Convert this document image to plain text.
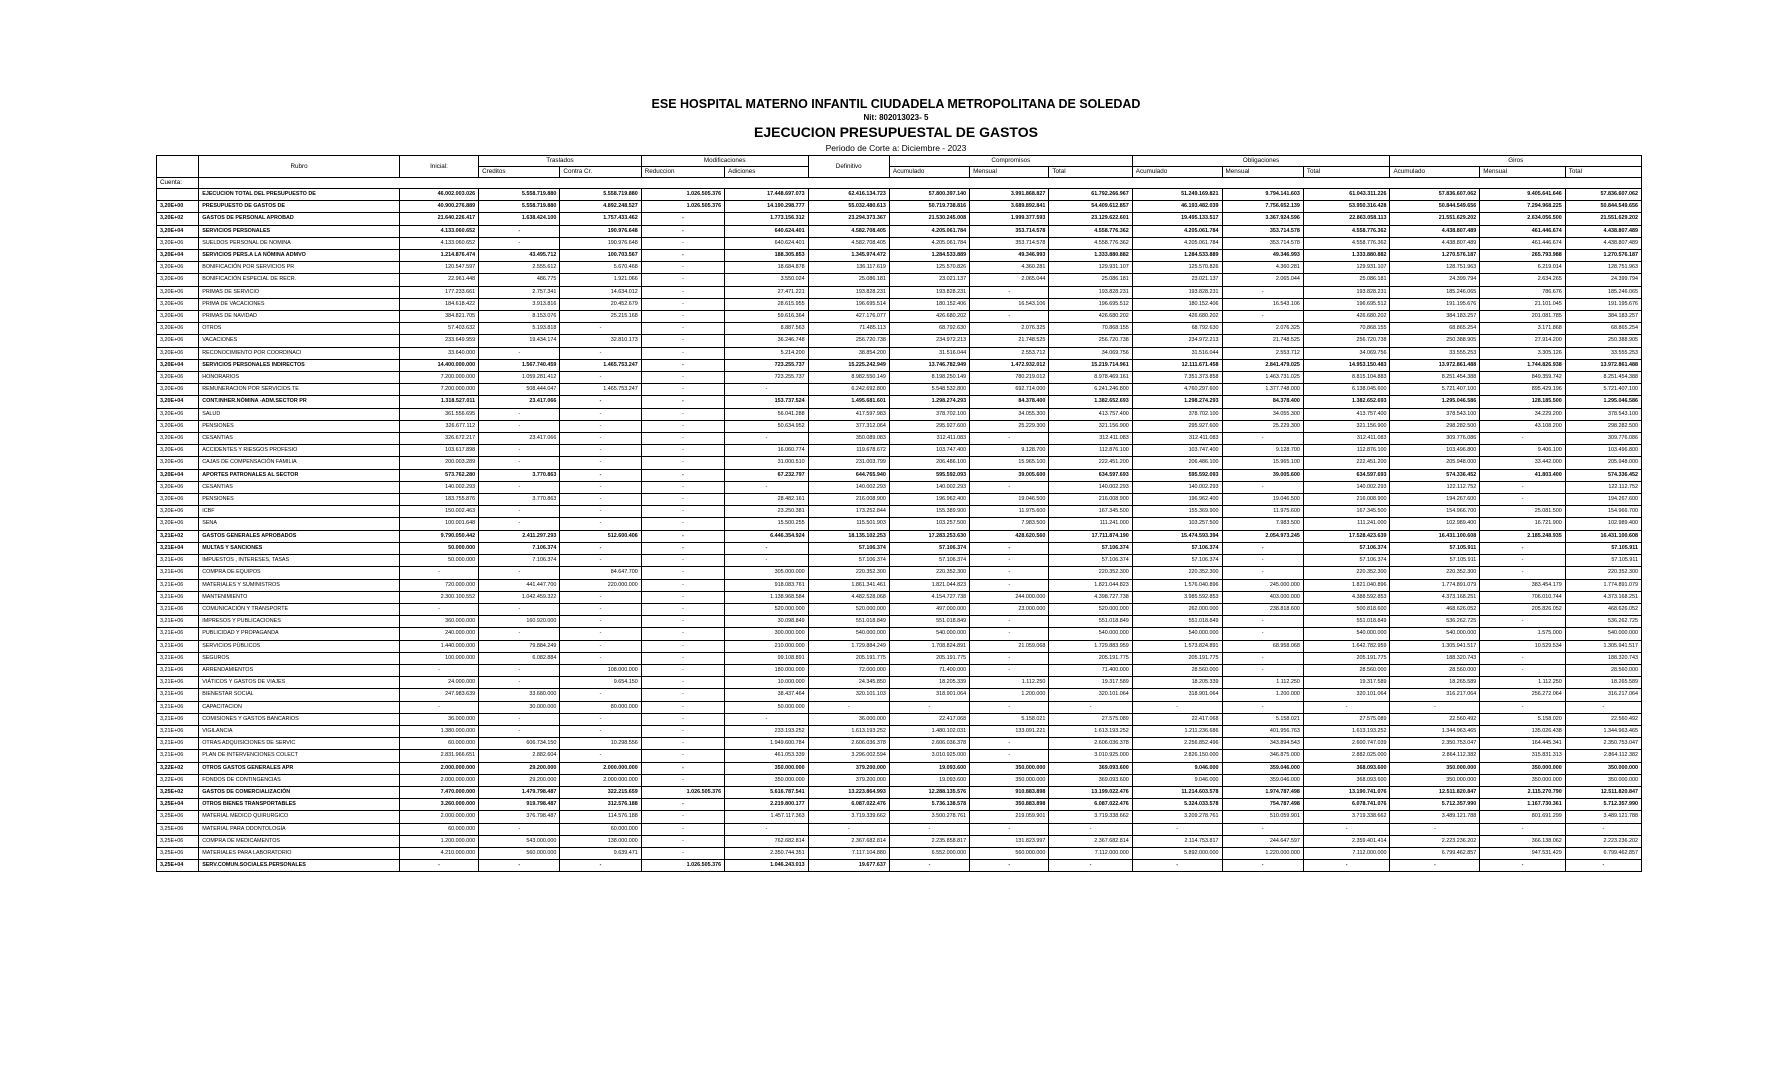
ESE HOSPITAL MATERNO INFANTIL CIUDADELA METROPOLITANA DE SOLEDAD
Nit: 802013023- 5
EJECUCION PRESUPUESTAL DE GASTOS
Periodo de Corte a: Diciembre - 2023
	Rubro	Inicial:	Traslados		Modificaciones		Definitivo	Compromisos			Obligaciones			Giros		
			Creditos	Contra Cr.	Reduccion	Adiciones		Acumulado	Mensual	Total	Acumulado	Mensual	Total	Acumulado	Mensual	Total
Cuenta:																
	EJECUCION TOTAL DEL PRESUPUESTO DE	46.002.003.026	5.558.719.880	5.558.719.880	1.026.505.376	17.448.697.073	62.416.134.723	57.800.397.140	3.991.868.827	61.792.266.967	51.249.169.821	9.794.141.603	61.043.311.226	57.836.607.062	9.405.641.646	57.836.607.062
3,20E+00	PRESUPUESTO DE GASTOS DE	40.900.276.889	5.558.719.880	4.892.248.527	1.026.505.376	14.190.298.777	55.032.480.613	50.719.738.816	3.689.892.841	54.409.612.857	46.193.482.039	7.756.652.139	53.950.316.428	50.844.549.656	7.294.968.225	50.844.549.656
3,20E+02	GASTOS DE PERSONAL APROBAD	21.640.226.417	1.638.424.100	1.757.433.462	-	1.773.156.312	23.294.373.367	21.530.245.008	1.999.377.593	23.129.622.601	19.495.133.517	3.367.924.596	22.863.058.113	21.551.629.202	2.634.056.500	21.551.629.202
3,20E+04	SERVICIOS PERSONALES	4.133.060.652	-	190.976.648	-	640.624.401	4.582.708.405	4.205.061.784	353.714.578	4.558.776.362	4.205.061.784	353.714.578	4.558.776.362	4.438.807.489	461.446.674	4.438.807.489
3,20E+06	SUELDOS PERSONAL DE NOMINA	4.133.060.652	-	190.976.648	-	640.624.401	4.582.708.405	4.205.061.784	353.714.578	4.558.776.362	4.205.061.784	353.714.578	4.558.776.362	4.438.807.489	461.446.674	4.438.807.489
3,20E+04	SERVICIOS PERS.A LA NÓMINA ADMVO	1.214.876.474	43.495.712	100.703.567	-	188.305.853	1.345.974.472	1.284.533.889	49.346.993	1.333.880.882	1.284.533.889	49.346.993	1.333.880.882	1.270.576.187	265.793.988	1.270.576.187
3,20E+06	BONIFICACIÓN POR SERVICIOS PR	120.547.597	2.555.612	5.670.468	-	18.684.878	136.117.619	125.570.826	4.360.281	129.931.107	125.570.826	4.360.281	129.931.107	128.751.963	6.219.014	128.751.963
3,20E+06	BONIFICACIÓN ESPECIAL DE RECR.	22.961.448	486.775	1.921.066	-	3.550.024	25.086.181	23.021.137	2.065.044	25.086.181	23.021.137	2.065.044	25.086.181	24.399.794	2.634.265	24.399.794
3,20E+06	PRIMAS DE SERVICIO	177.233.661	2.757.341	14.634.012	-	27.471.221	193.828.231	193.828.231	-	193.828.231	193.828.231	-	193.828.231	185.246.065	786.676	185.246.065
3,20E+06	PRIMA DE VACACIONES	184.618.422	3.913.816	20.452.679	-	28.615.955	196.695.514	180.152.406	16.543.106	196.695.512	180.152.406	16.543.106	196.695.512	191.195.676	21.101.045	191.195.676
3,20E+06	PRIMAS DE NAVIDAD	384.821.705	8.153.076	25.215.168	-	59.616.364	427.176.077	426.680.202	-	426.680.202	426.680.202	-	426.680.202	384.183.257	201.081.785	384.183.257
3,20E+06	OTROS	57.403.632	5.193.818	-	-	8.887.563	71.485.113	68.792.630	2.076.325	70.868.155	68.792.630	2.076.325	70.868.155	68.865.254	3.171.868	68.865.254
3,20E+06	VACACIONES	233.649.959	19.434.174	32.810.173	-	36.246.748	256.720.738	234.972.213	21.748.525	256.720.738	234.972.213	21.748.525	256.720.738	250.388.905	27.914.200	250.388.905
3,20E+06	RECONOCIMIENTO POR COORDINACI	33.640.000	-	-	-	5.214.200	38.854.200	31.516.044	2.553.712	34.069.756	31.516.044	2.553.712	34.069.756	33.555.253	3.305.126	33.555.253
3,20E+04	SERVICIOS PERSONALES INDIRECTOS	14.400.000.000	1.567.740.459	1.465.753.247	-	723.255.737	15.225.242.949	13.746.782.949	1.472.932.012	15.219.714.961	12.111.671.458	2.841.479.025	14.953.150.483	13.972.861.488	1.744.826.938	13.972.861.488
3,20E+06	HONORARIOS	7.200.000.000	1.059.281.412	-	-	723.255.737	8.982.550.149	8.198.250.149	780.219.012	8.978.469.161	7.351.373.858	1.463.731.025	8.815.104.883	8.251.454.388	849.359.742	8.251.454.388
3,20E+06	REMUNERACION POR SERVICIOS TE	7.200.000.000	508.444.047	1.465.753.247	-	-	6.242.692.800	5.548.532.800	692.714.000	6.241.246.800	4.760.297.600	1.377.748.000	6.138.045.600	5.721.407.100	895.429.196	5.721.407.100
3,20E+04	CONT.INHER.NÓMINA -ADM.SECTOR PR	1.318.527.011	23.417.066	-	-	153.737.524	1.495.681.601	1.298.274.293	84.378.400	1.382.652.693	1.298.274.293	84.378.400	1.382.652.693	1.295.046.586	128.185.500	1.295.046.586
3,20E+06	SALUD	361.556.695	-	-	-	56.041.288	417.597.983	378.702.100	34.055.300	413.757.400	378.702.100	34.055.300	413.757.400	378.543.100	34.229.200	378.543.100
3,20E+06	PENSIONES	326.677.112	-	-	-	50.634.952	377.312.064	295.927.600	25.229.300	321.156.900	295.927.600	25.229.300	321.156.900	298.282.500	43.108.200	298.282.500
3,20E+06	CESANTIAS	326.672.217	23.417.066	-	-	-	350.089.083	312.411.083	-	312.411.083	312.411.083	-	312.411.083	309.776.086	-	309.776.086
3,20E+06	ACCIDENTES Y RIESGOS PROFESIO	103.617.898	-	-	-	16.060.774	119.678.672	103.747.400	9.128.700	112.876.100	103.747.400	9.128.700	112.876.100	103.496.800	9.406.100	103.496.800
3,20E+06	CAJAS DE COMPENSACIÓN FAMILIA	200.003.289	-	-	-	31.000.510	231.003.799	206.486.100	15.965.100	222.451.200	206.486.100	15.965.100	222.451.200	205.948.000	33.442.000	205.948.000
3,20E+04	APORTES PATRONALES AL SECTOR	573.762.280	3.770.863	-	-	67.232.797	644.765.940	595.592.093	39.005.600	634.597.693	595.592.093	39.005.600	634.597.693	574.336.452	41.803.400	574.336.452
3,20E+06	CESANTIAS	140.002.293	-	-	-	-	140.002.293	140.002.293	-	140.002.293	140.002.293	-	140.002.293	122.112.752	-	122.112.752
3,20E+06	PENSIONES	183.755.876	3.770.863	-	-	28.482.161	216.008.900	196.962.400	19.046.500	216.008.900	196.962.400	19.046.500	216.008.900	194.267.600	-	194.267.600
3,20E+06	ICBF	150.002.463	-	-	-	23.250.381	173.252.844	155.389.900	11.975.600	167.345.500	155.369.900	11.975.600	167.345.500	154.966.700	25.081.500	154.966.700
3,20E+06	SENA	100.001.648	-	-	-	15.500.255	115.501.903	103.257.500	7.983.500	111.241.000	103.257.500	7.983.500	111.241.000	102.989.400	16.721.900	102.989.400
3,21E+02	GASTOS GENERALES APROBADOS	9.790.050.442	2.411.297.293	512.600.406	-	6.446.354.924	18.135.102.253	17.283.253.630	428.620.560	17.711.874.190	15.474.593.394	2.054.973.245	17.528.423.639	16.431.100.608	2.185.248.935	16.431.100.608
3,21E+04	MULTAS Y SANCIONES	50.000.000	7.106.374	-	-	-	57.106.374	57.106.374	-	57.106.374	57.106.374	-	57.106.374	57.105.911	-	57.105.911
3,21E+06	IMPUESTOS , INTERESES, TASAS	50.000.000	7.106.374	-	-	-	57.106.374	57.106.374	-	57.106.374	57.106.374	-	57.106.374	57.105.911	-	57.105.911
3,21E+06	COMPRA DE EQUIPOS	-	-	84.647.700	-	305.000.000	220.352.300	220.352.300	-	220.352.300	220.352.300	-	220.352.300	220.352.300	-	220.352.300
3,21E+06	MATERIALES Y SUMINISTROS	720.000.000	441.447.700	220.000.000	-	918.083.761	1.861.341.461	1.821.044.823	-	1.821.044.823	1.576.040.896	245.000.000	1.821.040.896	1.774.891.079	383.454.179	1.774.891.079
3,21E+06	MANTENIMIENTO	2.300.100.552	1.042.459.322	-	-	1.138.968.584	4.482.528.068	4.154.727.738	244.000.000	4.398.727.738	3.985.592.853	403.000.000	4.388.592.853	4.373.168.251	706.010.744	4.373.168.251
3,21E+06	COMUNICACIÓN Y TRANSPORTE	-	-	-	-	520.000.000	520.000.000	497.000.000	23.000.000	520.000.000	262.000.000	238.818.600	500.818.600	468.626.052	205.826.052	468.626.052
3,21E+06	IMPRESOS Y PUBLICACIONES	360.000.000	160.920.000	-	-	30.098.849	551.018.849	551.018.849	-	551.018.849	551.018.849	-	551.018.849	536.262.725	-	536.262.725
3,21E+06	PUBLICIDAD Y PROPAGANDA	240.000.000	-	-	-	300.000.000	540.000.000	540.000.000	-	540.000.000	540.000.000	-	540.000.000	540.000.000	1.575.000	540.000.000
3,21E+06	SERVICIOS PÚBLICOS	1.440.000.000	79.884.249	-	-	210.000.000	1.729.884.249	1.708.824.891	21.059.068	1.729.883.959	1.573.824.891	68.958.068	1.642.782.959	1.305.941.517	10.529.534	1.305.941.517
3,21E+06	SEGUROS	100.000.000	6.082.884	-	-	99.108.891	205.191.775	205.191.775	-	205.191.775	205.191.775	-	205.191.775	188.320.743	-	188.320.743
3,21E+06	ARRENDAMIENTOS	-	-	108.000.000	-	180.000.000	72.000.000	71.400.000	-	71.400.000	28.560.000	-	28.560.000	28.560.000	-	28.560.000
3,21E+06	VIÁTICOS Y GASTOS DE VIAJES	24.000.000	-	9.654.150	-	10.000.000	24.345.850	18.205.339	1.112.250	19.317.589	18.205.339	1.112.250	19.317.589	18.265.589	1.112.250	18.265.589
3,21E+06	BIENESTAR SOCIAL	247.983.639	33.680.000	-	-	38.437.464	320.101.103	318.901.064	1.200.000	320.101.064	318.901.064	1.200.000	320.101.064	316.217.064	256.272.064	316.217.064
3,21E+06	CAPACITACION	-	30.000.000	80.000.000	-	50.000.000	-	-	-	-	-	-	-	-	-	-
3,21E+06	COMISIONES Y GASTOS BANCARIOS	36.000.000	-	-	-	-	36.000.000	22.417.068	5.158.021	27.575.089	22.417.068	5.158.021	27.575.089	22.560.492	5.158.020	22.560.492
3,21E+06	VIGILANCIA	1.380.000.000	-	-	-	233.193.252	1.613.193.252	1.480.102.031	133.091.221	1.613.193.252	1.211.236.686	401.956.763	1.613.193.252	1.344.963.465	135.026.438	1.344.963.465
3,21E+06	OTRAS ADQUISICIONES DE SERVIC	60.000.000	606.734.150	10.298.556	-	1.949.600.784	2.606.036.378	2.606.036.378	-	2.606.036.378	2.256.852.496	343.894.543	2.600.747.039	2.350.753.047	164.445.341	2.350.753.047
3,21E+06	PLAN DE INTERVENCIONES COLECT	2.831.966.651	2.882.604	-	-	461.053.339	3.296.002.594	3.010.925.000	-	3.010.925.000	2.826.150.000	346.875.000	2.882.025.000	2.864.112.382	315.831.313	2.864.112.382
3,22E+02	OTROS GASTOS GENERALES APR	2.000.000.000	29.200.000	2.000.000.000	-	350.000.000	379.200.000	19.093.600	350.000.000	369.093.600	9.046.000	359.046.000	368.093.600	350.000.000	350.000.000	350.000.000
3,22E+06	FONDOS DE CONTINGENCIAS	2.000.000.000	29.200.000	2.000.000.000	-	350.000.000	379.200.000	19.093.600	350.000.000	369.093.600	9.046.000	359.046.000	368.093.600	350.000.000	350.000.000	350.000.000
3,25E+02	GASTOS DE COMERCIALIZACIÓN	7.470.000.000	1.479.798.487	322.215.659	1.026.505.376	5.616.787.541	13.223.864.993	12.288.135.576	910.883.898	13.199.022.476	11.214.603.578	1.974.787.498	13.190.741.076	12.511.820.847	2.115.270.790	12.511.820.847
3,25E+04	OTROS BIENES TRANSPORTABLES	3.260.000.000	919.798.487	312.576.188	-	2.219.800.177	6.087.022.476	5.736.138.578	350.883.898	6.087.022.476	5.324.033.578	754.787.498	6.078.741.076	5.712.357.990	1.167.730.361	5.712.357.990
3,25E+06	MATERIAL MEDICO QUIRURGICO	2.000.000.000	376.798.487	114.576.188	-	1.457.117.363	3.719.339.662	3.500.278.761	219.059.901	3.719.338.662	3.209.278.761	510.059.901	3.719.338.662	3.489.121.788	801.691.299	3.489.121.788
3,25E+06	MATERIAL PARA ODONTOLOGÍA	60.000.000	-	60.000.000	-	-	-	-	-	-	-	-	-	-	-	-
3,25E+06	COMPRA DE MEDICAMENTOS	1.200.000.000	543.000.000	138.000.000	-	762.682.814	2.367.682.814	2.235.858.817	131.823.997	2.367.682.814	2.114.753.817	244.647.597	2.359.401.414	2.223.236.202	366.138.062	2.223.236.202
3,25E+06	MATERIALES PARA LABORATORIO	4.210.000.000	560.000.000	9.639.471	-	2.350.744.351	7.117.104.880	6.552.000.000	560.000.000	7.112.000.000	5.892.000.000	1.220.000.000	7.112.000.000	6.799.462.857	947.531.429	6.799.462.857
3,25E+04	SERV.COMUN.SOCIALES.PERSONALES	-	-	-	1.026.505.376	1.046.243.013	19.677.637	-	-	-	-	-	-	-	-	-
